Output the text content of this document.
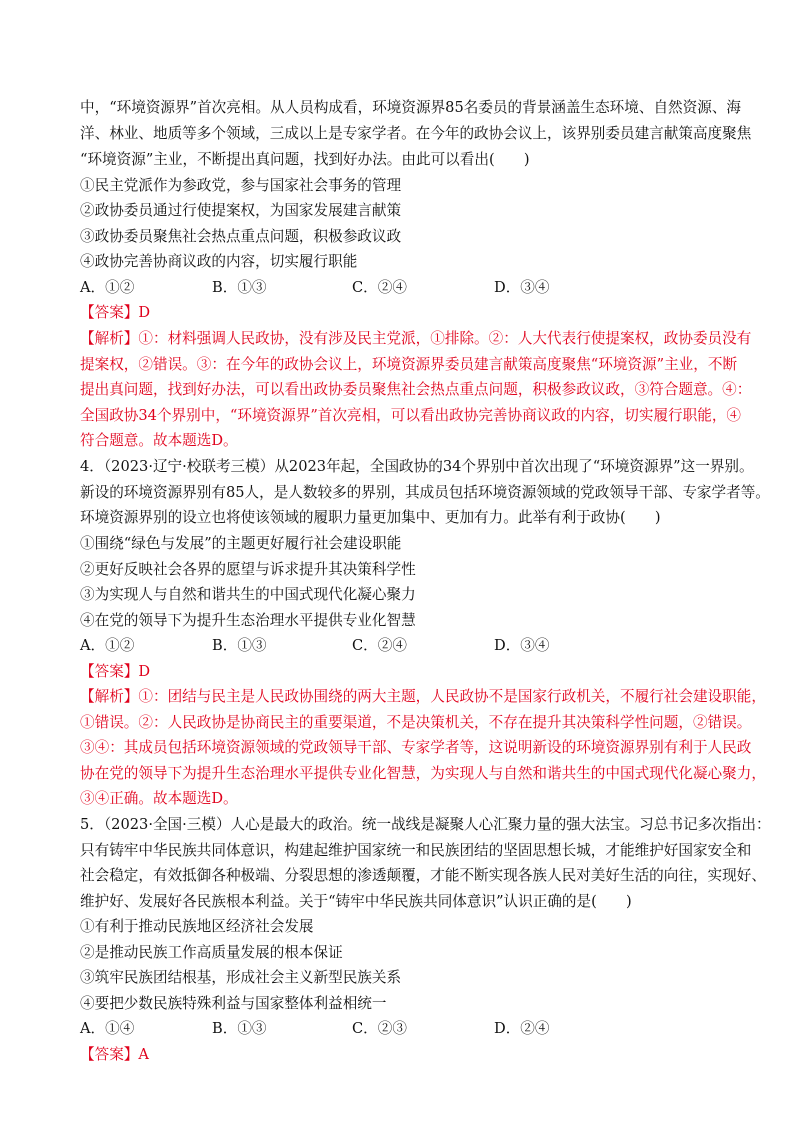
中，“环境资源界”首次亮相。从人员构成看，环境资源界85名委员的背景涵盖生态环境、自然资源、海
洋、林业、地质等多个领域，三成以上是专家学者。在今年的政协会议上，该界别委员建言献策高度聚焦
“环境资源”主业，不断提出真问题，找到好办法。由此可以看出(　　)
①民主党派作为参政党，参与国家社会事务的管理
②政协委员通过行使提案权，为国家发展建言献策
③政协委员聚焦社会热点重点问题，积极参政议政
④政协完善协商议政的内容，切实履行职能
A．①②	B．①③	C．②④	D．③④
【答案】D
【解析】①：材料强调人民政协，没有涉及民主党派，①排除。②：人大代表行使提案权，政协委员没有
提案权，②错误。③：在今年的政协会议上，环境资源界委员建言献策高度聚焦“环境资源”主业，不断
提出真问题，找到好办法，可以看出政协委员聚焦社会热点重点问题，积极参政议政，③符合题意。④：
全国政协34个界别中，“环境资源界”首次亮相，可以看出政协完善协商议政的内容，切实履行职能，④
符合题意。故本题选D。
4．（2023·辽宁·校联考三模）从2023年起，全国政协的34个界别中首次出现了“环境资源界”这一界别。
新设的环境资源界别有85人，是人数较多的界别，其成员包括环境资源领域的党政领导干部、专家学者等。
环境资源界别的设立也将使该领域的履职力量更加集中、更加有力。此举有利于政协(　　)
①围绕“绿色与发展”的主题更好履行社会建设职能
②更好反映社会各界的愿望与诉求提升其决策科学性
③为实现人与自然和谐共生的中国式现代化凝心聚力
④在党的领导下为提升生态治理水平提供专业化智慧
A．①②	B．①③	C．②④	D．③④
【答案】D
【解析】①：团结与民主是人民政协围绕的两大主题，人民政协不是国家行政机关，不履行社会建设职能，
①错误。②：人民政协是协商民主的重要渠道，不是决策机关，不存在提升其决策科学性问题，②错误。
③④：其成员包括环境资源领域的党政领导干部、专家学者等，这说明新设的环境资源界别有利于人民政
协在党的领导下为提升生态治理水平提供专业化智慧，为实现人与自然和谐共生的中国式现代化凝心聚力，
③④正确。故本题选D。
5．（2023·全国·三模）人心是最大的政治。统一战线是凝聚人心汇聚力量的强大法宝。习总书记多次指出：
只有铸牢中华民族共同体意识，构建起维护国家统一和民族团结的坚固思想长城，才能维护好国家安全和
社会稳定，有效抵御各种极端、分裂思想的渗透颠覆，才能不断实现各族人民对美好生活的向往，实现好、
维护好、发展好各民族根本利益。关于“铸牢中华民族共同体意识”认识正确的是(　　)
①有利于推动民族地区经济社会发展
②是推动民族工作高质量发展的根本保证
③筑牢民族团结根基，形成社会主义新型民族关系
④要把少数民族特殊利益与国家整体利益相统一
A．①④	B．①③	C．②③	D．②④
【答案】A
